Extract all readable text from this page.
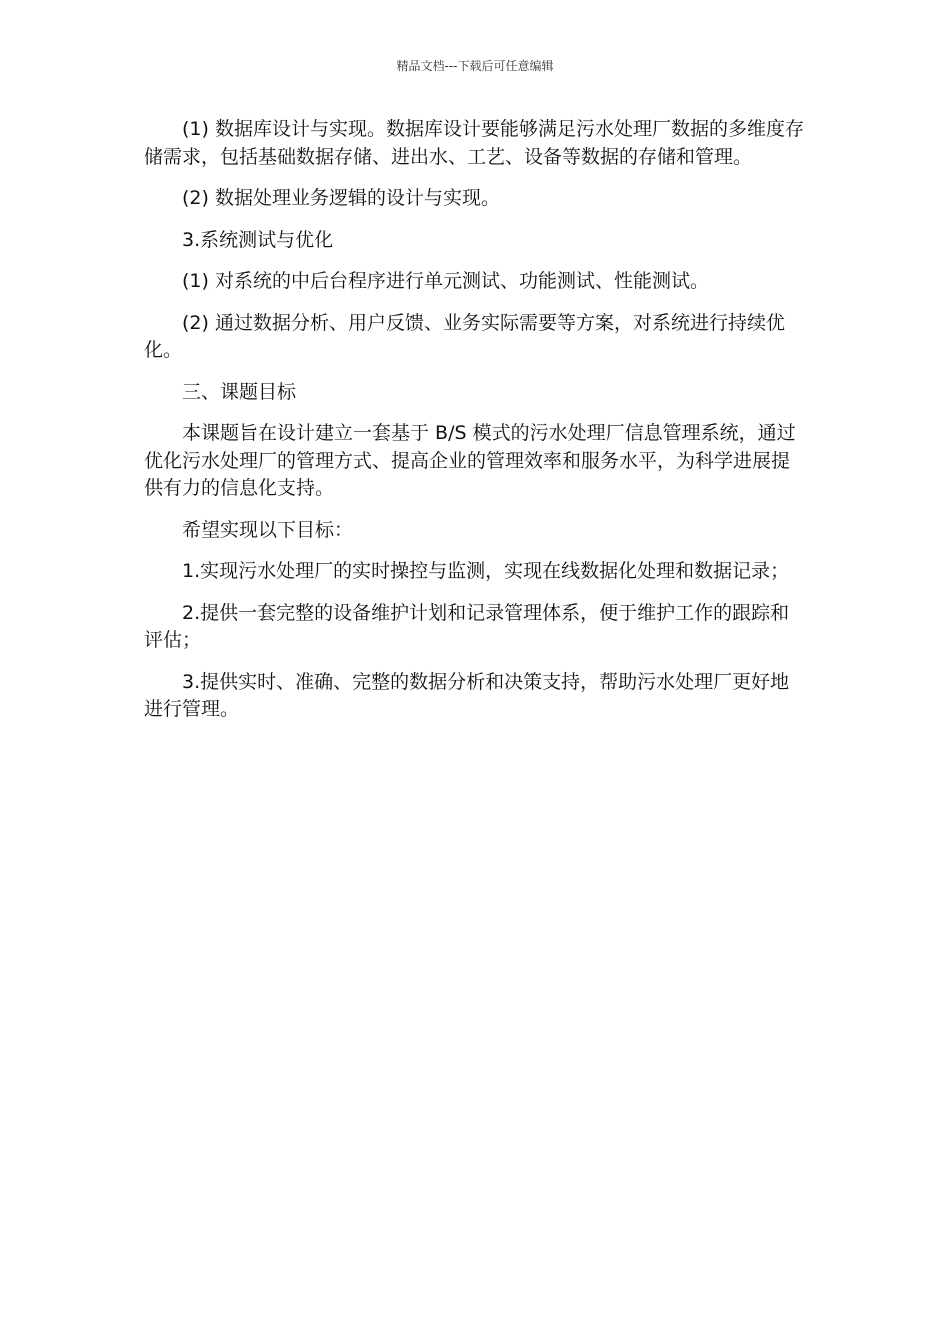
精品文档---下载后可任意编辑

(1) 数据库设计与实现。数据库设计要能够满足污水处理厂数据的多维度存储需求，包括基础数据存储、进出水、工艺、设备等数据的存储和管理。

(2) 数据处理业务逻辑的设计与实现。

3.系统测试与优化

(1) 对系统的中后台程序进行单元测试、功能测试、性能测试。

(2) 通过数据分析、用户反馈、业务实际需要等方案，对系统进行持续优化。

三、课题目标

本课题旨在设计建立一套基于 B/S 模式的污水处理厂信息管理系统，通过优化污水处理厂的管理方式、提高企业的管理效率和服务水平，为科学进展提供有力的信息化支持。

希望实现以下目标：

1.实现污水处理厂的实时操控与监测，实现在线数据化处理和数据记录；

2.提供一套完整的设备维护计划和记录管理体系，便于维护工作的跟踪和评估；

3.提供实时、准确、完整的数据分析和决策支持，帮助污水处理厂更好地进行管理。
